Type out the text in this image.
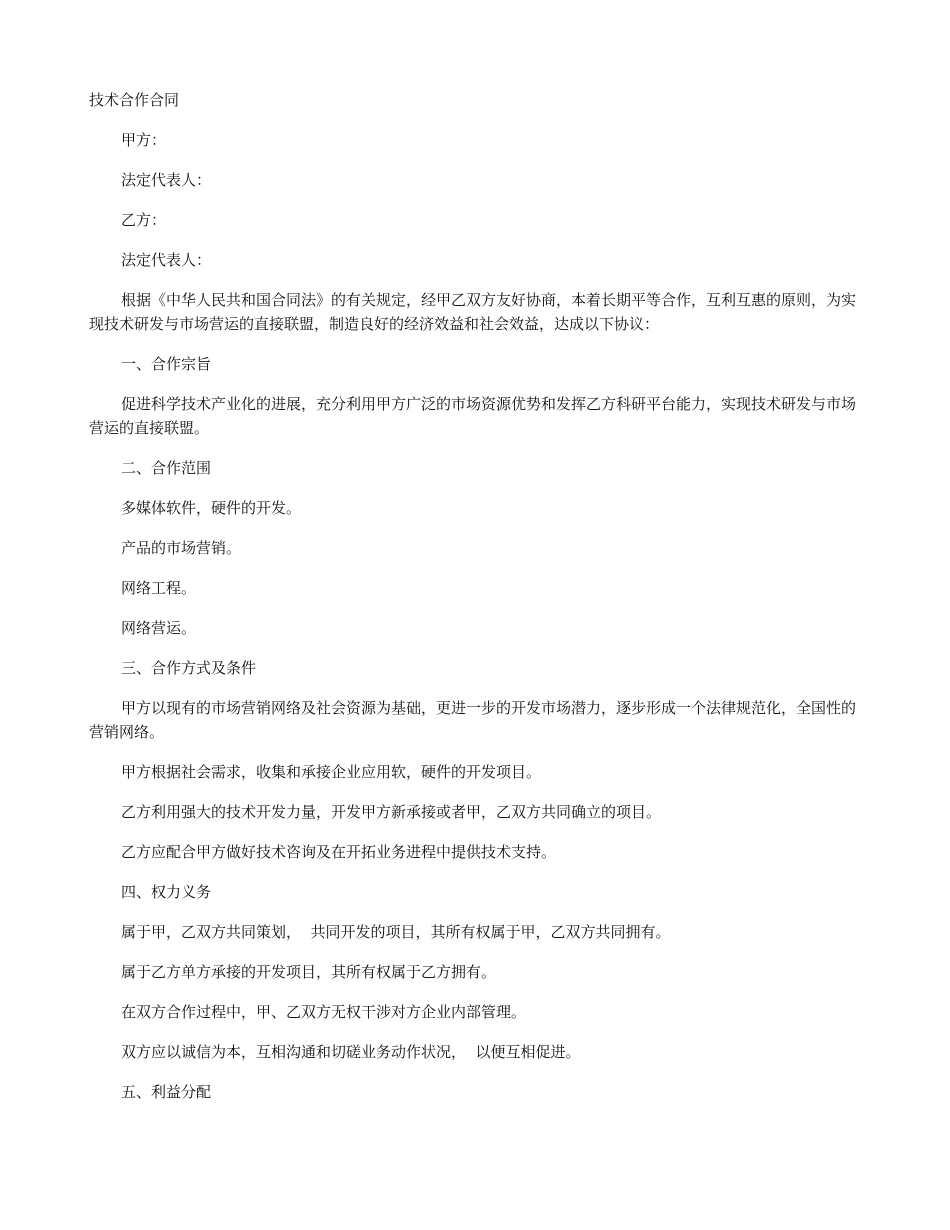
技术合作合同
甲方：
法定代表人：
乙方：
法定代表人：
根据《中华人民共和国合同法》的有关规定，经甲乙双方友好协商，本着长期平等合作，互利互惠的原则，为实现技术研发与市场营运的直接联盟，制造良好的经济效益和社会效益，达成以下协议：
一、合作宗旨
促进科学技术产业化的进展，充分利用甲方广泛的市场资源优势和发挥乙方科研平台能力，实现技术研发与市场营运的直接联盟。
二、合作范围
多媒体软件，硬件的开发。
产品的市场营销。
网络工程。
网络营运。
三、合作方式及条件
甲方以现有的市场营销网络及社会资源为基础，更进一步的开发市场潜力，逐步形成一个法律规范化，全国性的营销网络。
甲方根据社会需求，收集和承接企业应用软，硬件的开发项目。
乙方利用强大的技术开发力量，开发甲方新承接或者甲，乙双方共同确立的项目。
乙方应配合甲方做好技术咨询及在开拓业务进程中提供技术支持。
四、权力义务
属于甲，乙双方共同策划，  共同开发的项目，其所有权属于甲，乙双方共同拥有。
属于乙方单方承接的开发项目，其所有权属于乙方拥有。
在双方合作过程中，甲、乙双方无权干涉对方企业内部管理。
双方应以诚信为本，互相沟通和切磋业务动作状况，  以便互相促进。
五、利益分配
